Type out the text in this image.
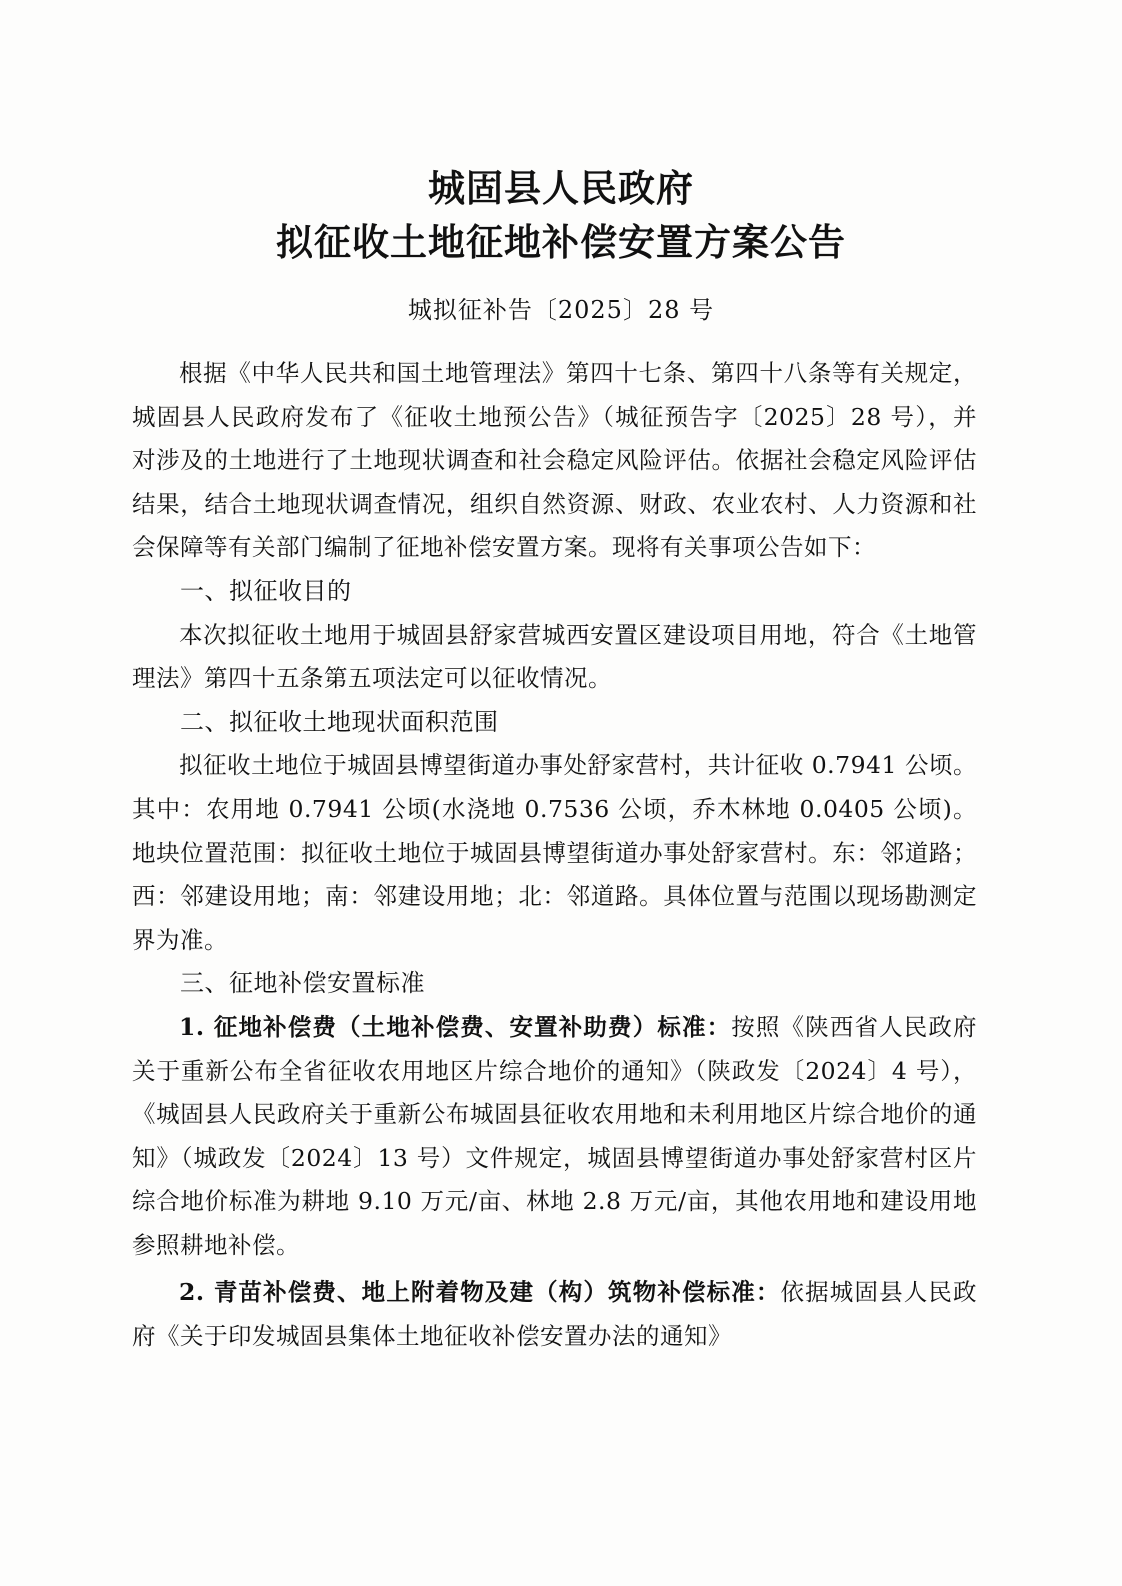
城固县人民政府
拟征收土地征地补偿安置方案公告
城拟征补告〔2025〕28 号

根据《中华人民共和国土地管理法》第四十七条、第四十八条等有关规定，城固县人民政府发布了《征收土地预公告》（城征预告字〔2025〕28 号），并对涉及的土地进行了土地现状调查和社会稳定风险评估。依据社会稳定风险评估结果，结合土地现状调查情况，组织自然资源、财政、农业农村、人力资源和社会保障等有关部门编制了征地补偿安置方案。现将有关事项公告如下：

一、拟征收目的

本次拟征收土地用于城固县舒家营城西安置区建设项目用地，符合《土地管理法》第四十五条第五项法定可以征收情况。

二、拟征收土地现状面积范围

拟征收土地位于城固县博望街道办事处舒家营村，共计征收 0.7941 公顷。其中：农用地 0.7941 公顷(水浇地 0.7536 公顷，乔木林地 0.0405 公顷)。地块位置范围：拟征收土地位于城固县博望街道办事处舒家营村。东：邻道路；西：邻建设用地；南：邻建设用地；北：邻道路。具体位置与范围以现场勘测定界为准。

三、征地补偿安置标准

1. 征地补偿费（土地补偿费、安置补助费）标准：按照《陕西省人民政府关于重新公布全省征收农用地区片综合地价的通知》（陕政发〔2024〕4 号），《城固县人民政府关于重新公布城固县征收农用地和未利用地区片综合地价的通知》（城政发〔2024〕13 号）文件规定，城固县博望街道办事处舒家营村区片综合地价标准为耕地 9.10 万元/亩、林地 2.8 万元/亩，其他农用地和建设用地参照耕地补偿。

2. 青苗补偿费、地上附着物及建（构）筑物补偿标准：依据城固县人民政府《关于印发城固县集体土地征收补偿安置办法的通知》
